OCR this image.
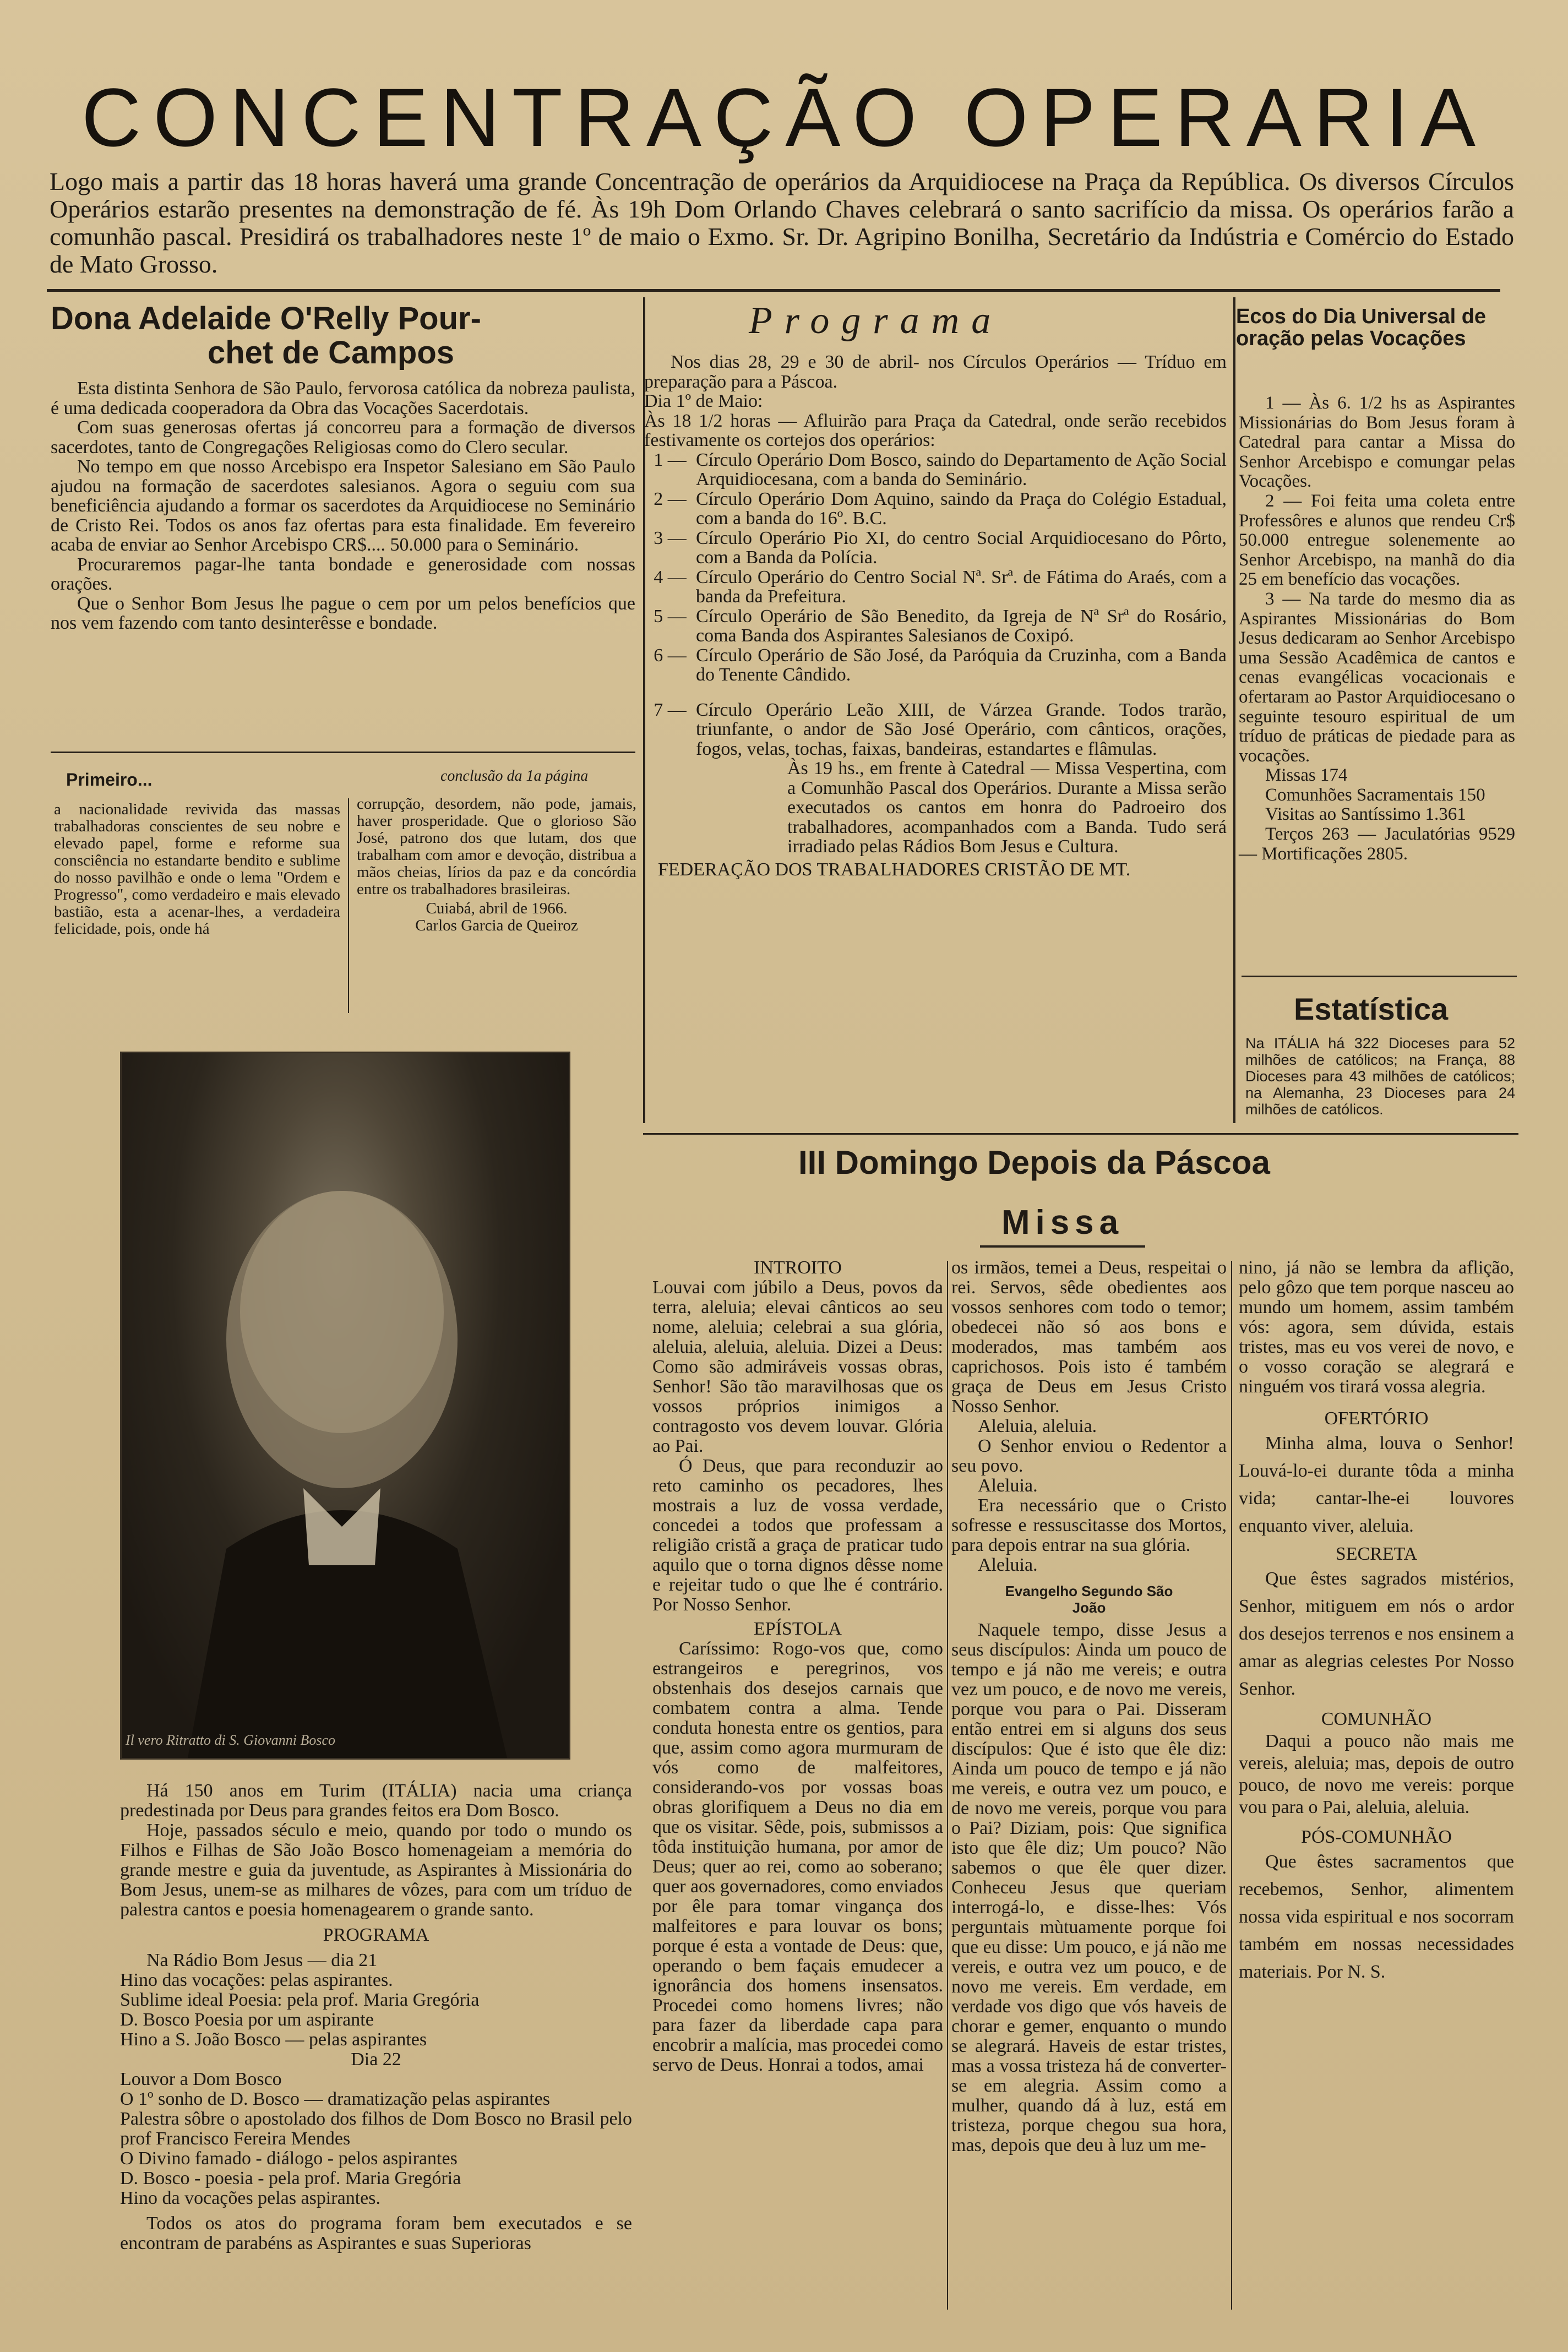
CONCENTRAÇÃO OPERARIA
Logo mais a partir das 18 horas haverá uma grande Concentração de operários da Arquidiocese na Praça da República. Os diversos Círculos Operários estarão presentes na demonstração de fé. Às 19h Dom Orlando Chaves celebrará o santo sacrifício da missa. Os operários farão a comunhão pascal. Presidirá os trabalhadores neste 1º de maio o Exmo. Sr. Dr. Agripino Bonilha, Secretário da Indústria e Comércio do Estado de Mato Grosso.
Dona Adelaide O'Relly Pour-
chet de Campos

Esta distinta Senhora de São Paulo, fervorosa católica da nobreza paulista, é uma dedicada cooperadora da Obra das Vocações Sacerdotais.

Com suas generosas ofertas já concorreu para a formação de diversos sacerdotes, tanto de Congregações Religiosas como do Clero secular.

No tempo em que nosso Arcebispo era Inspetor Salesiano em São Paulo ajudou na formação de sacerdotes salesianos. Agora o seguiu com sua beneficiência ajudando a formar os sacerdotes da Arquidiocese no Seminário de Cristo Rei. Todos os anos faz ofertas para esta finalidade. Em fevereiro acaba de enviar ao Senhor Arcebispo CR$.... 50.000 para o Seminário.

Procuraremos pagar-lhe tanta bondade e generosidade com nossas orações.

Que o Senhor Bom Jesus lhe pague o cem por um pelos benefícios que nos vem fazendo com tanto desinterêsse e bondade.

Primeiro...	conclusão da 1a página
a nacionalidade revivida das massas trabalhadoras conscientes de seu nobre e elevado papel, forme e reforme sua consciência no estandarte bendito e sublime do nosso pavilhão e onde o lema "Ordem e Progresso", como verdadeiro e mais elevado bastião, esta a acenar-lhes, a verdadeira felicidade, pois, onde há

corrupção, desordem, não pode, jamais, haver prosperidade. Que o glorioso São José, patrono dos que lutam, dos que trabalham com amor e devoção, distribua a mãos cheias, lírios da paz e da concórdia entre os trabalhadores brasileiras.

Cuiabá, abril de 1966.

Carlos Garcia de Queiroz

Programa

Nos dias 28, 29 e 30 de abril- nos Círculos Operários — Tríduo em preparação para a Páscoa.

Dia 1º de Maio:

Às 18 1/2 horas — Afluirão para Praça da Catedral, onde serão recebidos festivamente os cortejos dos operários:

1 — Círculo Operário Dom Bosco, saindo do Departamento de Ação Social Arquidiocesana, com a banda do Seminário.
2 — Círculo Operário Dom Aquino, saindo da Praça do Colégio Estadual, com a banda do 16º. B.C.
3 — Círculo Operário Pio XI, do centro Social Arquidiocesano do Pôrto, com a Banda da Polícia.
4 — Círculo Operário do Centro Social Nª. Srª. de Fátima do Araés, com a banda da Prefeitura.
5 — Círculo Operário de São Benedito, da Igreja de Nª Srª do Rosário, coma Banda dos Aspirantes Salesianos de Coxipó.
6 — Círculo Operário de São José, da Paróquia da Cruzinha, com a Banda do Tenente Cândido.
7 — Círculo Operário Leão XIII, de Várzea Grande. Todos trarão, triunfante, o andor de São José Operário, com cânticos, orações, fogos, velas, tochas, faixas, bandeiras, estandartes e flâmulas.

Às 19 hs., em frente à Catedral — Missa Vespertina, com a Comunhão Pascal dos Operários. Durante a Missa serão executados os cantos em honra do Padroeiro dos trabalhadores, acompanhados com a Banda. Tudo será irradiado pelas Rádios Bom Jesus e Cultura.

FEDERAÇÃO DOS TRABALHADORES CRISTÃO DE MT.

Ecos do Dia Universal de oração pelas Vocações

1 — Às 6. 1/2 hs as Aspirantes Missionárias do Bom Jesus foram à Catedral para cantar a Missa do Senhor Arcebispo e comungar pelas Vocações.

2 — Foi feita uma coleta entre Professôres e alunos que rendeu Cr$ 50.000 entregue solenemente ao Senhor Arcebispo, na manhã do dia 25 em benefício das vocações.

3 — Na tarde do mesmo dia as Aspirantes Missionárias do Bom Jesus dedicaram ao Senhor Arcebispo uma Sessão Acadêmica de cantos e cenas evangélicas vocacionais e ofertaram ao Pastor Arquidiocesano o seguinte tesouro espiritual de um tríduo de práticas de piedade para as vocações.

Missas 174

Comunhões Sacramentais 150

Visitas ao Santíssimo 1.361

Terços 263 — Jaculatórias 9529 — Mortificações 2805.

Estatística
Na ITÁLIA há 322 Dioceses para 52 milhões de católicos; na França, 88 Dioceses para 43 milhões de católicos; na Alemanha, 23 Dioceses para 24 milhões de católicos.
III Domingo Depois da Páscoa
Missa
Il vero Ritratto di S. Giovanni Bosco

Há 150 anos em Turim (ITÁLIA) nacia uma criança predestinada por Deus para grandes feitos era Dom Bosco.

Hoje, passados século e meio, quando por todo o mundo os Filhos e Filhas de São João Bosco homenageiam a memória do grande mestre e guia da juventude, as Aspirantes à Missionária do Bom Jesus, unem-se as milhares de vôzes, para com um tríduo de palestra cantos e poesia homenagearem o grande santo.

PROGRAMA

Na Rádio Bom Jesus — dia 21

Hino das vocações: pelas aspirantes.

Sublime ideal Poesia: pela prof. Maria Gregória

D. Bosco Poesia por um aspirante

Hino a S. João Bosco — pelas aspirantes

Dia 22

Louvor a Dom Bosco

O 1º sonho de D. Bosco — dramatização pelas aspirantes

Palestra sôbre o apostolado dos filhos de Dom Bosco no Brasil pelo prof Francisco Fereira Mendes

O Divino famado - diálogo - pelos aspirantes

D. Bosco - poesia - pela prof. Maria Gregória

Hino da vocações pelas aspirantes.

Todos os atos do programa foram bem executados e se encontram de parabéns as Aspirantes e suas Superioras

INTROITO

Louvai com júbilo a Deus, povos da terra, aleluia; elevai cânticos ao seu nome, aleluia; celebrai a sua glória, aleluia, aleluia, aleluia. Dizei a Deus: Como são admiráveis vossas obras, Senhor! São tão maravilhosas que os vossos próprios inimigos a contragosto vos devem louvar. Glória ao Pai.

Ó Deus, que para reconduzir ao reto caminho os pecadores, lhes mostrais a luz de vossa verdade, concedei a todos que professam a religião cristã a graça de praticar tudo aquilo que o torna dignos dêsse nome e rejeitar tudo o que lhe é contrário. Por Nosso Senhor.

EPÍSTOLA

Caríssimo: Rogo-vos que, como estrangeiros e peregrinos, vos obstenhais dos desejos carnais que combatem contra a alma. Tende conduta honesta entre os gentios, para que, assim como agora murmuram de vós como de malfeitores, considerando-vos por vossas boas obras glorifiquem a Deus no dia em que os visitar. Sêde, pois, submissos a tôda instituição humana, por amor de Deus; quer ao rei, como ao soberano; quer aos governadores, como enviados por êle para tomar vingança dos malfeitores e para louvar os bons; porque é esta a vontade de Deus: que, operando o bem façais emudecer a ignorância dos homens insensatos. Procedei como homens livres; não para fazer da liberdade capa para encobrir a malícia, mas procedei como servo de Deus. Honrai a todos, amai

os irmãos, temei a Deus, respeitai o rei. Servos, sêde obedientes aos vossos senhores com todo o temor; obedecei não só aos bons e moderados, mas também aos caprichosos. Pois isto é também graça de Deus em Jesus Cristo Nosso Senhor.

Aleluia, aleluia.

O Senhor enviou o Redentor a seu povo.

Aleluia.

Era necessário que o Cristo sofresse e ressuscitasse dos Mortos, para depois entrar na sua glória.

Aleluia.

Evangelho Segundo São João

Naquele tempo, disse Jesus a seus discípulos: Ainda um pouco de tempo e já não me vereis; e outra vez um pouco, e de novo me vereis, porque vou para o Pai. Disseram então entrei em si alguns dos seus discípulos: Que é isto que êle diz: Ainda um pouco de tempo e já não me vereis, e outra vez um pouco, e de novo me vereis, porque vou para o Pai? Diziam, pois: Que significa isto que êle diz; Um pouco? Não sabemos o que êle quer dizer. Conheceu Jesus que queriam interrogá-lo, e disse-lhes: Vós perguntais mùtuamente porque foi que eu disse: Um pouco, e já não me vereis, e outra vez um pouco, e de novo me vereis. Em verdade, em verdade vos digo que vós haveis de chorar e gemer, enquanto o mundo se alegrará. Haveis de estar tristes, mas a vossa tristeza há de converter-se em alegria. Assim como a mulher, quando dá à luz, está em tristeza, porque chegou sua hora, mas, depois que deu à luz um me-

nino, já não se lembra da aflição, pelo gôzo que tem porque nasceu ao mundo um homem, assim também vós: agora, sem dúvida, estais tristes, mas eu vos verei de novo, e o vosso coração se alegrará e ninguém vos tirará vossa alegria.

OFERTÓRIO

Minha alma, louva o Senhor! Louvá-lo-ei durante tôda a minha vida; cantar-lhe-ei louvores enquanto viver, aleluia.

SECRETA

Que êstes sagrados mistérios, Senhor, mitiguem em nós o ardor dos desejos terrenos e nos ensinem a amar as alegrias celestes Por Nosso Senhor.

COMUNHÃO

Daqui a pouco não mais me vereis, aleluia; mas, depois de outro pouco, de novo me vereis: porque vou para o Pai, aleluia, aleluia.

PÓS-COMUNHÃO

Que êstes sacramentos que recebemos, Senhor, alimentem nossa vida espiritual e nos socorram também em nossas necessidades materiais. Por N. S.
